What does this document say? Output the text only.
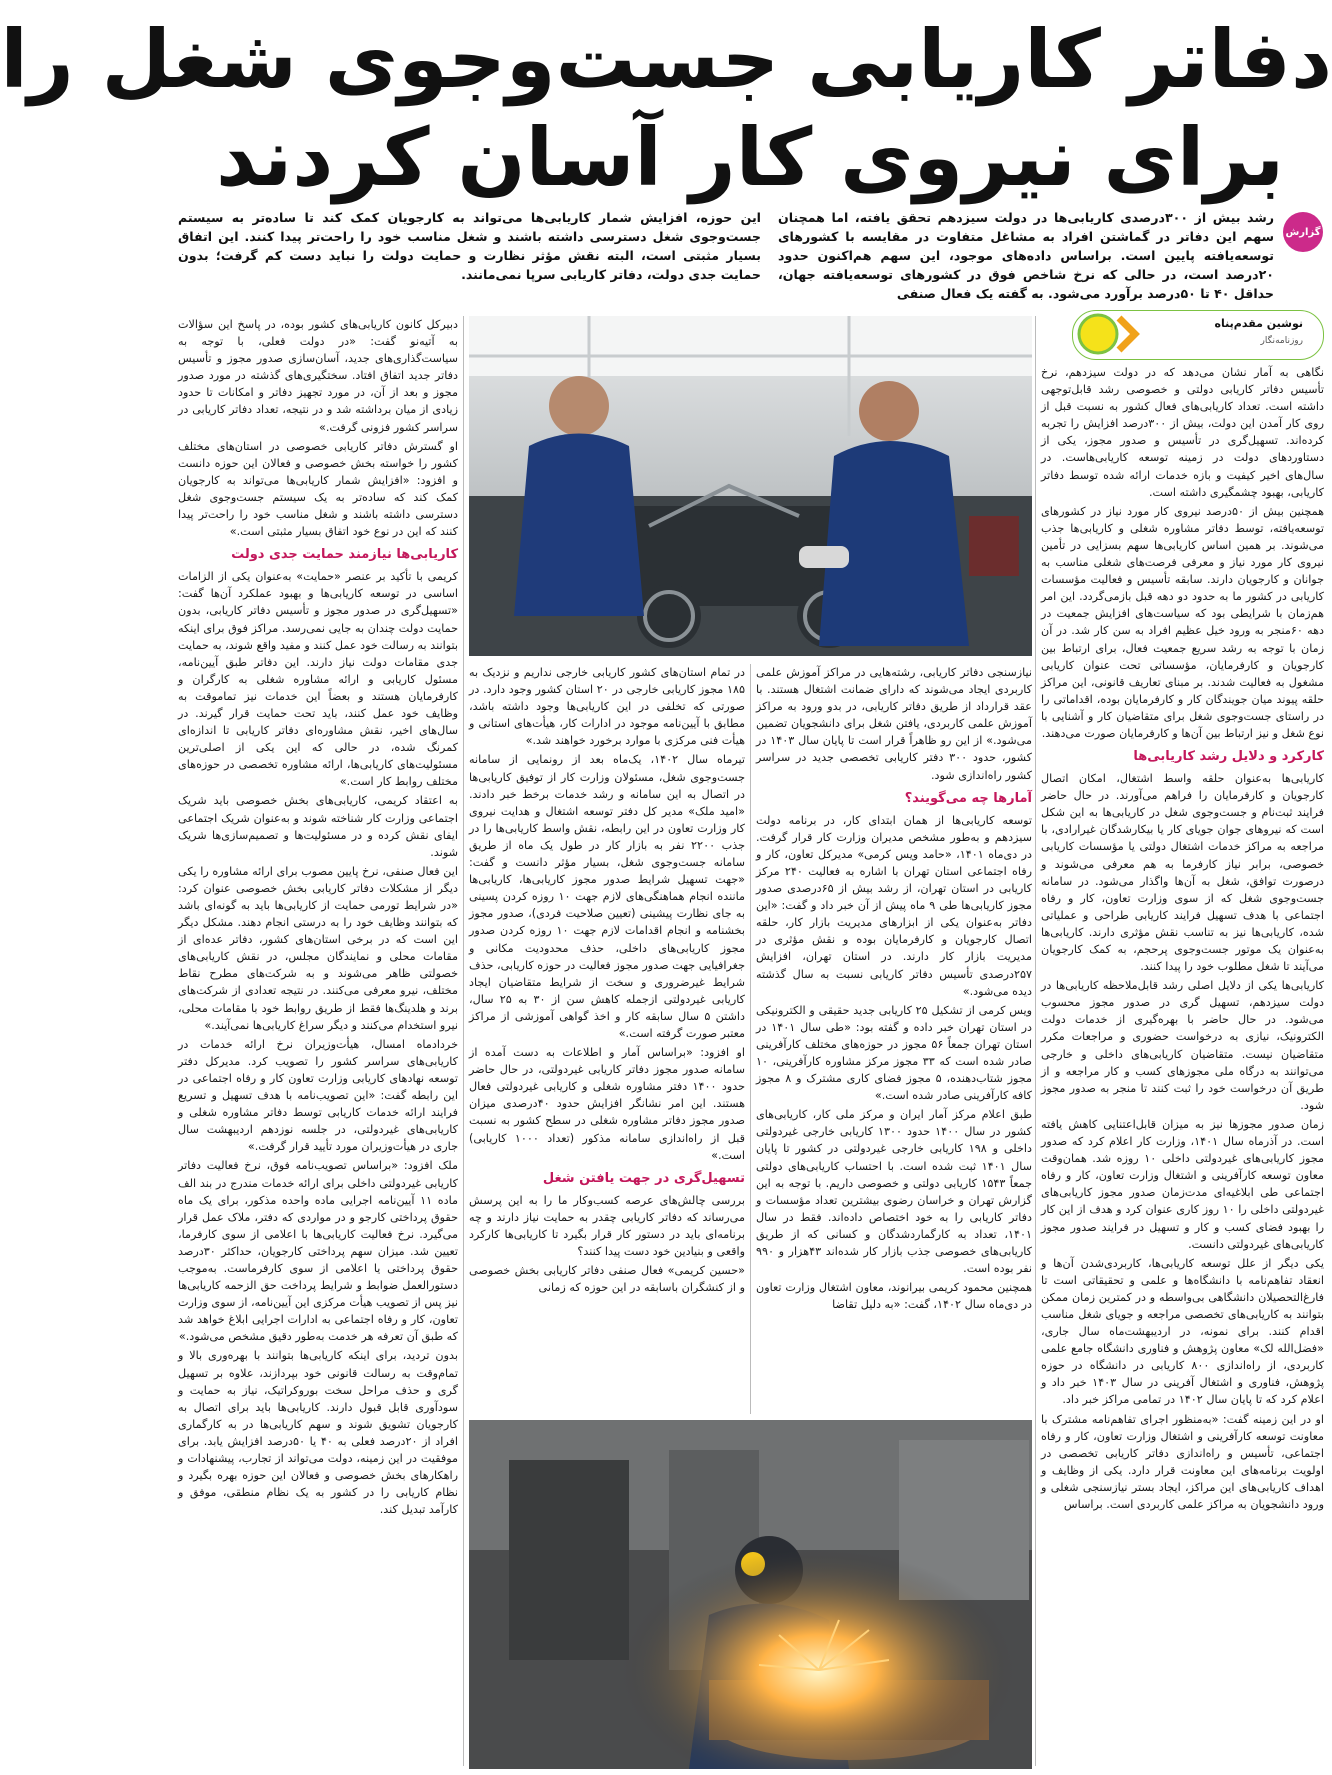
دفاتر کاریابی جست‌وجوی شغل را
برای نیروی کار آسان کردند
گزارش
رشد بیش از ۳۰۰درصدی کاریابی‌ها در دولت سیزدهم تحقق یافته، اما همچنان سهم این دفاتر در گماشتن افراد به مشاغل متفاوت در مقایسه با کشورهای توسعه‌یافته پایین است. براساس داده‌های موجود، این سهم هم‌اکنون حدود ۲۰درصد است، در حالی که نرخ شاخص فوق در کشورهای توسعه‌یافته جهان، حداقل ۴۰ تا ۵۰درصد برآورد می‌شود. به گفته یک فعال صنفی
این حوزه، افزایش شمار کاریابی‌ها می‌تواند به کارجویان کمک کند تا ساده‌تر به سیستم جست‌وجوی شغل دسترسی داشته باشند و شغل مناسب خود را راحت‌تر پیدا کنند. این اتفاق بسیار مثبتی است، البته نقش مؤثر نظارت و حمایت دولت را نباید دست کم گرفت؛ بدون حمایت جدی دولت، دفاتر کاریابی سرپا نمی‌مانند.
نوشین مقدم‌پناه
روزنامه‌نگار

نگاهی به آمار نشان می‌دهد که در دولت سیزدهم، نرخ تأسیس دفاتر کاریابی دولتی و خصوصی رشد قابل‌توجهی داشته است. تعداد کاریابی‌های فعال کشور به نسبت قبل از روی کار آمدن این دولت، بیش از ۳۰۰درصد افزایش را تجربه کرده‌اند. تسهیل‌گری در تأسیس و صدور مجوز، یکی از دستاوردهای دولت در زمینه توسعه کاریابی‌هاست. در سال‌های اخیر کیفیت و بازه خدمات ارائه شده توسط دفاتر کاریابی، بهبود چشمگیری داشته است.

همچنین بیش از ۵۰درصد نیروی کار مورد نیاز در کشورهای توسعه‌یافته، توسط دفاتر مشاوره شغلی و کاریابی‌ها جذب می‌شوند. بر همین اساس کاریابی‌ها سهم بسزایی در تأمین نیروی کار مورد نیاز و معرفی فرصت‌های شغلی مناسب به جوانان و کارجویان دارند. سابقه تأسیس و فعالیت مؤسسات کاریابی در کشور ما به حدود دو دهه قبل بازمی‌گردد. این امر هم‌زمان با شرایطی بود که سیاست‌های افزایش جمعیت در دهه ۶۰منجر به ورود خیل عظیم افراد به سن کار شد. در آن زمان با توجه به رشد سریع جمعیت فعال، برای ارتباط بین کارجویان و کارفرمایان، مؤسساتی تحت عنوان کاریابی مشغول به فعالیت شدند. بر مبنای تعاریف قانونی، این مراکز حلقه پیوند میان جویندگان کار و کارفرمایان بوده، اقداماتی را در راستای جست‌وجوی شغل برای متقاضیان کار و آشنایی با نوع شغل و نیز ارتباط بین آن‌ها و کارفرمایان صورت می‌دهند.

کارکرد و دلایل رشد کاریابی‌ها

کاریابی‌ها به‌عنوان حلقه واسط اشتغال، امکان اتصال کارجویان و کارفرمایان را فراهم می‌آورند. در حال حاضر فرایند ثبت‌نام و جست‌وجوی شغل در کاریابی‌ها به این شکل است که نیروهای جوان جویای کار یا بیکارشدگان غیرارادی، با مراجعه به مراکز خدمات اشتغال دولتی یا مؤسسات کاریابی خصوصی، برابر نیاز کارفرما به هم معرفی می‌شوند و درصورت توافق، شغل به آن‌ها واگذار می‌شود. در سامانه جست‌وجوی شغل که از سوی وزارت تعاون، کار و رفاه اجتماعی با هدف تسهیل فرایند کاریابی طراحی و عملیاتی شده، کاریابی‌ها نیز به تناسب نقش مؤثری دارند. کاریابی‌ها به‌عنوان یک موتور جست‌وجوی پرحجم، به کمک کارجویان می‌آیند تا شغل مطلوب خود را پیدا کنند.

کاریابی‌ها یکی از دلایل اصلی رشد قابل‌ملاحظه کاریابی‌ها در دولت سیزدهم، تسهیل گری در صدور مجوز محسوب می‌شود. در حال حاضر با بهره‌گیری از خدمات دولت الکترونیک، نیازی به درخواست حضوری و مراجعات مکرر متقاضیان نیست. متقاضیان کاریابی‌های داخلی و خارجی می‌توانند به درگاه ملی مجوزهای کسب و کار مراجعه و از طریق آن درخواست خود را ثبت کنند تا منجر به صدور مجوز شود.

زمان صدور مجوزها نیز به میزان قابل‌اعتنایی کاهش یافته است. در آذرماه سال ۱۴۰۱، وزارت کار اعلام کرد که صدور مجوز کاریابی‌های غیردولتی داخلی ۱۰ روزه شد. همان‌وقت معاون توسعه کارآفرینی و اشتغال وزارت تعاون، کار و رفاه اجتماعی طی ابلاغیه‌ای مدت‌زمان صدور مجوز کاریابی‌های غیردولتی داخلی را ۱۰ روز کاری عنوان کرد و هدف از این کار را بهبود فضای کسب و کار و تسهیل در فرایند صدور مجوز کاریابی‌های غیردولتی دانست.

یکی دیگر از علل توسعه کاریابی‌ها، کاربردی‌شدن آن‌ها و انعقاد تفاهم‌نامه با دانشگاه‌ها و علمی و تحقیقاتی است تا فارغ‌التحصیلان دانشگاهی بی‌واسطه و در کمترین زمان ممکن بتوانند به کاریابی‌های تخصصی مراجعه و جویای شغل مناسب اقدام کنند. برای نمونه، در اردیبهشت‌ماه سال جاری، «فضل‌الله لک» معاون پژوهش و فناوری دانشگاه جامع علمی کاربردی، از راه‌اندازی ۸۰۰ کاریابی در دانشگاه در حوزه پژوهش، فناوری و اشتغال آفرینی در سال ۱۴۰۳ خبر داد و اعلام کرد که تا پایان سال ۱۴۰۲ در تمامی مراکز خبر داد.

او در این زمینه گفت: «به‌منظور اجرای تفاهم‌نامه مشترک با معاونت توسعه کارآفرینی و اشتغال وزارت تعاون، کار و رفاه اجتماعی، تأسیس و راه‌اندازی دفاتر کاریابی تخصصی در اولویت برنامه‌های این معاونت قرار دارد. یکی از وظایف و اهداف کاریابی‌های این مراکز، ایجاد بستر نیازسنجی شغلی و ورود دانشجویان به مراکز علمی کاربردی است. براساس

نیازسنجی دفاتر کاریابی، رشته‌هایی در مراکز آموزش علمی کاربردی ایجاد می‌شوند که دارای ضمانت اشتغال هستند. با عقد قرارداد از طریق دفاتر کاریابی، در بدو ورود به مراکز آموزش علمی کاربردی، یافتن شغل برای دانشجویان تضمین می‌شود.» از این رو ظاهراً قرار است تا پایان سال ۱۴۰۳ در کشور، حدود ۳۰۰ دفتر کاریابی تخصصی جدید در سراسر کشور راه‌اندازی شود.

آمارها چه می‌گویند؟

توسعه کاریابی‌ها از همان ابتدای کار، در برنامه دولت سیزدهم و به‌طور مشخص مدیران وزارت کار قرار گرفت. در دی‌ماه ۱۴۰۱، «حامد ویس کرمی» مدیرکل تعاون، کار و رفاه اجتماعی استان تهران با اشاره به فعالیت ۲۴۰ مرکز کاریابی در استان تهران، از رشد بیش از ۶۵درصدی صدور مجوز کاریابی‌ها طی ۹ ماه پیش از آن خبر داد و گفت: «این دفاتر به‌عنوان یکی از ابزارهای مدیریت بازار کار، حلقه اتصال کارجویان و کارفرمایان بوده و نقش مؤثری در مدیریت بازار کار دارند. در استان تهران، افزایش ۲۵۷درصدی تأسیس دفاتر کاریابی نسبت به سال گذشته دیده می‌شود.»

ویس کرمی از تشکیل ۲۵ کاریابی جدید حقیقی و الکترونیکی در استان تهران خبر داده و گفته بود: «طی سال ۱۴۰۱ در استان تهران جمعاً ۵۶ مجوز در حوزه‌های مختلف کارآفرینی صادر شده است که ۳۳ مجوز مرکز مشاوره کارآفرینی، ۱۰ مجوز شتاب‌دهنده، ۵ مجوز فضای کاری مشترک و ۸ مجوز کافه کارآفرینی صادر شده است.»

طبق اعلام مرکز آمار ایران و مرکز ملی کار، کاریابی‌های کشور در سال ۱۴۰۰ حدود ۱۳۰۰ کاریابی خارجی غیردولتی داخلی و ۱۹۸ کاریابی خارجی غیردولتی در کشور تا پایان سال ۱۴۰۱ ثبت شده است. با احتساب کاریابی‌های دولتی جمعاً ۱۵۴۳ کاریابی دولتی و خصوصی داریم. با توجه به این گزارش تهران و خراسان رضوی بیشترین تعداد مؤسسات و دفاتر کاریابی را به خود اختصاص داده‌اند. فقط در سال ۱۴۰۱، تعداد به کارگماردشدگان و کسانی که از طریق کاریابی‌های خصوصی جذب بازار کار شده‌اند ۴۳هزار و ۹۹۰ نفر بوده است.

همچنین محمود کریمی بیرانوند، معاون اشتغال وزارت تعاون در دی‌ماه سال ۱۴۰۲، گفت: «به دلیل تقاضا

در تمام استان‌های کشور کاریابی خارجی نداریم و نزدیک به ۱۸۵ مجوز کاریابی خارجی در ۲۰ استان کشور وجود دارد. در صورتی که تخلفی در این کاریابی‌ها وجود داشته باشد، مطابق با آیین‌نامه موجود در ادارات کار، هیأت‌های استانی و هیأت فنی مرکزی با موارد برخورد خواهند شد.»

تیرماه سال ۱۴۰۲، یک‌ماه بعد از رونمایی از سامانه جست‌وجوی شغل، مسئولان وزارت کار از توفیق کاریابی‌ها در اتصال به این سامانه و رشد خدمات برخط خبر دادند. «امید ملک» مدیر کل دفتر توسعه اشتغال و هدایت نیروی کار وزارت تعاون در این رابطه، نقش واسط کاریابی‌ها را در جذب ۲۲۰۰ نفر به بازار کار در طول یک ماه از طریق سامانه جست‌وجوی شغل، بسیار مؤثر دانست و گفت: «جهت تسهیل شرایط صدور مجوز کاریابی‌ها، کاریابی‌ها ماننده انجام هماهنگی‌های لازم جهت ۱۰ روزه کردن پسینی به جای نظارت پیشینی (تعیین صلاحیت فردی)، صدور مجوز بخشنامه و انجام اقدامات لازم جهت ۱۰ روزه کردن صدور مجوز کاریابی‌های داخلی، حذف محدودیت مکانی و جغرافیایی جهت صدور مجوز فعالیت در حوزه کاریابی، حذف شرایط غیرضروری و سخت از شرایط متقاضیان ایجاد کاریابی غیردولتی ازجمله کاهش سن از ۳۰ به ۲۵ سال، داشتن ۵ سال سابقه کار و اخذ گواهی آموزشی از مراکز معتبر صورت گرفته است.»

او افزود: «براساس آمار و اطلاعات به دست آمده از سامانه صدور مجوز دفاتر کاریابی غیردولتی، در حال حاضر حدود ۱۴۰۰ دفتر مشاوره شغلی و کاریابی غیردولتی فعال هستند. این امر نشانگر افزایش حدود ۴۰درصدی میزان صدور مجوز دفاتر مشاوره شغلی در سطح کشور به نسبت قبل از راه‌اندازی سامانه مذکور (تعداد ۱۰۰۰ کاریابی) است.»

تسهیل‌گری در جهت یافتن شغل

بررسی چالش‌های عرصه کسب‌وکار ما را به این پرسش می‌رساند که دفاتر کاریابی چقدر به حمایت نیاز دارند و چه برنامه‌ای باید در دستور کار قرار بگیرد تا کاریابی‌ها کارکرد واقعی و بنیادین خود دست پیدا کنند؟

«حسین کریمی» فعال صنفی دفاتر کاریابی بخش خصوصی و از کنشگران باسابقه در این حوزه که زمانی

دبیرکل کانون کاریابی‌های کشور بوده، در پاسخ این سؤالات به آتیه‌نو گفت: «در دولت فعلی، با توجه به سیاست‌گذاری‌های جدید، آسان‌سازی صدور مجوز و تأسیس دفاتر جدید اتفاق افتاد. سختگیری‌های گذشته در مورد صدور مجوز و بعد از آن، در مورد تجهیز دفاتر و امکانات تا حدود زیادی از میان برداشته شد و در نتیجه، تعداد دفاتر کاریابی در سراسر کشور فزونی گرفت.»

او گسترش دفاتر کاریابی خصوصی در استان‌های مختلف کشور را خواسته بخش خصوصی و فعالان این حوزه دانست و افزود: «افزایش شمار کاریابی‌ها می‌تواند به کارجویان کمک کند که ساده‌تر به یک سیستم جست‌وجوی شغل دسترسی داشته باشند و شغل مناسب خود را راحت‌تر پیدا کنند که این در نوع خود اتفاق بسیار مثبتی است.»

کاریابی‌ها نیازمند حمایت جدی دولت

کریمی با تأکید بر عنصر «حمایت» به‌عنوان یکی از الزامات اساسی در توسعه کاریابی‌ها و بهبود عملکرد آن‌ها گفت: «تسهیل‌گری در صدور مجوز و تأسیس دفاتر کاریابی، بدون حمایت دولت چندان به جایی نمی‌رسد. مراکز فوق برای اینکه بتوانند به رسالت خود عمل کنند و مفید واقع شوند، به حمایت جدی مقامات دولت نیاز دارند. این دفاتر طبق آیین‌نامه، مسئول کاریابی و ارائه مشاوره شغلی به کارگران و کارفرمایان هستند و بعضاً این خدمات نیز تماموقت به وظایف خود عمل کنند، باید تحت حمایت قرار گیرند. در سال‌های اخیر، نقش مشاوره‌ای دفاتر کاریابی تا اندازه‌ای کمرنگ شده، در حالی که این یکی از اصلی‌ترین مسئولیت‌های کاریابی‌ها، ارائه مشاوره تخصصی در حوزه‌های مختلف روابط کار است.»

به اعتقاد کریمی، کاریابی‌های بخش خصوصی باید شریک اجتماعی وزارت کار شناخته شوند و به‌عنوان شریک اجتماعی ایفای نقش کرده و در مسئولیت‌ها و تصمیم‌سازی‌ها شریک شوند.

این فعال صنفی، نرخ پایین مصوب برای ارائه مشاوره را یکی دیگر از مشکلات دفاتر کاریابی بخش خصوصی عنوان کرد: «در شرایط تورمی حمایت از کاریابی‌ها باید به گونه‌ای باشد که بتوانند وظایف خود را به درستی انجام دهند. مشکل دیگر این است که در برخی استان‌های کشور، دفاتر عده‌ای از مقامات محلی و نمایندگان مجلس، در نقش کاریابی‌های خصولتی ظاهر می‌شوند و به شرکت‌های مطرح نقاط مختلف، نیرو معرفی می‌کنند. در نتیجه تعدادی از شرکت‌های برند و هلدینگ‌ها فقط از طریق روابط خود با مقامات محلی، نیرو استخدام می‌کنند و دیگر سراغ کاریابی‌ها نمی‌آیند.»

خردادماه امسال، هیأت‌وزیران نرخ ارائه خدمات در کاریابی‌های سراسر کشور را تصویب کرد. مدیرکل دفتر توسعه نهادهای کاریابی وزارت تعاون کار و رفاه اجتماعی در این رابطه گفت: «این تصویب‌نامه با هدف تسهیل و تسریع فرایند ارائه خدمات کاریابی توسط دفاتر مشاوره شغلی و کاریابی‌های غیردولتی، در جلسه نوزدهم اردیبهشت سال جاری در هیأت‌وزیران مورد تأیید قرار گرفت.»

ملک افزود: «براساس تصویب‌نامه فوق، نرخ فعالیت دفاتر کاریابی غیردولتی داخلی برای ارائه خدمات مندرج در بند الف ماده ۱۱ آیین‌نامه اجرایی ماده واحده مذکور، برای یک ماه حقوق پرداختی کارجو و در مواردی که دفتر، ملاک عمل قرار می‌گیرد. نرخ فعالیت کاریابی‌ها با اعلامی از سوی کارفرما، تعیین شد. میزان سهم پرداختی کارجویان، حداکثر ۳۰درصد حقوق پرداختی یا اعلامی از سوی کارفرماست. به‌موجب دستورالعمل ضوابط و شرایط پرداخت حق الزحمه کاریابی‌ها نیز پس از تصویب هیأت مرکزی این آیین‌نامه، از سوی وزارت تعاون، کار و رفاه اجتماعی به ادارات اجرایی ابلاغ خواهد شد که طبق آن تعرفه هر خدمت به‌طور دقیق مشخص می‌شود.»

بدون تردید، برای اینکه کاریابی‌ها بتوانند با بهره‌وری بالا و تمام‌وقت به رسالت قانونی خود بپردازند، علاوه بر تسهیل گری و حذف مراحل سخت بوروکراتیک، نیاز به حمایت و سودآوری قابل قبول دارند. کاریابی‌ها باید برای اتصال به کارجویان تشویق شوند و سهم کاریابی‌ها در به کارگماری افراد از ۲۰درصد فعلی به ۴۰ یا ۵۰درصد افزایش یابد. برای موفقیت در این زمینه، دولت می‌تواند از تجارب، پیشنهادات و راهکارهای بخش خصوصی و فعالان این حوزه بهره بگیرد و نظام کاریابی را در کشور به یک نظام منطقی، موفق و کارآمد تبدیل کند.
